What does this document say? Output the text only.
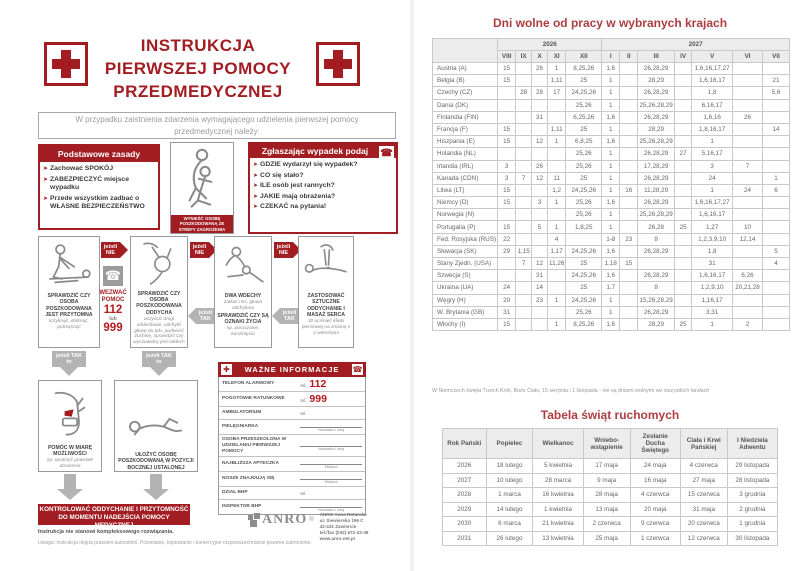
INSTRUKCJA
PIERWSZEJ POMOCY
PRZEDMEDYCZNEJ
W przypadku zaistnienia zdarzenia wymagającego udzielenia pierwszej pomocy przedmedycznej należy:
Podstawowe zasady
➤ Zachować SPOKÓJ
➤ ZABEZPIECZYĆ miejsce wypadku
➤ Przede wszystkim zadbać o WŁASNE BEZPIECZEŃSTWO
WYNIEŚĆ OSOBĘ POSZKODOWANĄ ZE STREFY ZAGROŻENIA
Zgłaszając wypadek podaj ☎
➤ GDZIE wydarzył się wypadek?
➤ CO się stało?
➤ ILE osób jest rannych?
➤ JAKIE mają obrażenia?
➤ CZEKAĆ na pytania!
SPRAWDZIĆ CZY OSOBA POSZKODOWANA JEST PRZYTOMNA
krzyknąć, dotknąć, potrząsnąć
jeżeli NIE
☎
WEZWAĆ POMOC
112
lub
999
SPRAWDZIĆ CZY OSOBA POSZKODOWANA ODDYCHA
oczyścić drogi oddechowe, odchylić głowę do tyłu, podnieść żuchwę, sprawdzić czy wyczuwalny jest oddech
jeżeli NIE
jeżeli TAK
DWA WDECHY
zatkać nos, głowa odchylona
SPRAWDZIĆ CZY SĄ OZNAKI ŻYCIA
np. poruszanie, kaszlnięcia
jeżeli NIE
jeżeli TAK
ZASTOSOWAĆ SZTUCZNE ODDYCHANIE I MASAŻ SERCA
30 uciśnięć klatki piersiowej na zmianę z 2 wdechami
jeżeli TAK to
jeżeli TAK to
POMÓC W MIARĘ MOŻLIWOŚCI
np. opatrzyć powstałe obrażenia
UŁOŻYĆ OSOBĘ POSZKODOWANĄ W POZYCJI BOCZNEJ USTALONEJ
✚	WAŻNE INFORMACJE	☎
TELEFON ALARMOWY	tel. 112
POGOTOWIE RATUNKOWE	tel. 999
AMBULATORIUM	tel.
PIELĘGNIARKA
Nazwisko i imię
OSOBA PRZESZKOLONA W UDZIELANIU PIERWSZEJ POMOCY	Nazwisko i imię
NAJBLIŻSZA APTECZKA
Miejsce
NOSZE ZNAJDUJĄ SIĘ
Miejsce
DZIAŁ BHP	tel.
INSPEKTOR BHP
Nazwisko i imię
KONTROLOWAĆ ODDYCHANIE I PRZYTOMNOŚĆ DO MOMENTU NADEJŚCIA POMOCY MEDYCZNEJ
Instrukcja nie stanowi kompleksowego rozwiązania.
Uwaga! Instrukcja objęta prawami autorskimi. Powielanie, kopiowanie i komercyjne rozpowszechnianie prawnie zabronione.
ANRO ®
ANRO Anna Rotarska
ul. Siewierska 196 C
42-431 Zawiercie
tel./fax (032) 672-42-48
www.anro.net.pl
Dni wolne od pracy w wybranych krajach
	2026					2027						
	VIII	IX	X	XI	XII	I	II	III	IV	V	VI	VII
Austria (A)	15		26	1	8,25,26	1,6		26,28,29		1,6,16,17,27		
Belgia (B)	15			1,11	25	1		28,29		1,6,16,17		21
Czechy (CZ)		28	28	17	24,25,26	1		26,28,29		1,8		5,6
Dania (DK)					25,26	1		25,26,28,29		6,16,17		
Finlandia (FIN)			31		6,25,26	1,6		26,28,29		1,6,16	26	
Francja (F)	15			1,11	25	1		28,29		1,8,16,17		14
Hiszpania (E)	15		12	1	6,8,25	1,6		25,26,28,29		1		
Holandia (NL)					25,26	1		26,28,29	27	5,16,17		
Irlandia (IRL)	3		26		25,26	1		17,28,29		3	7	
Kanada (CDN)	3	7	12	11	25	1		26,28,29		24		1
Litwa (LT)	15			1,2	24,25,26	1	16	11,28,29		1	24	6
Niemcy (D)	15		3	1	25,26	1,6		26,28,29		1,6,16,17,27		
Norwegia (N)					25,26	1		25,26,28,29		1,6,16,17		
Portugalia (P)	15		5	1	1,8,25	1		26,28	25	1,27	10	
Fed. Rosyjska (RUS)	22			4		1-8	23	8		1,2,3,9,10	12,14	
Słowacja (SK)	29	1,15		1,17	24,25,26	1,6		26,28,29		1,8		5
Stany Zjedn. (USA)		7	12	11,26	25	1,18	15			31		4
Szwecja (S)			31		24,25,26	1,6		26,28,29		1,6,16,17	6,26	
Ukraina (UA)	24		14		25	1,7		8		1,2,9,10	20,21,28	
Węgry (H)	20		23	1	24,25,26	1		15,26,28,29		1,16,17		
W. Brytania (GB)	31				25,26	1		26,28,29		3,31		
Włochy (I)	15			1	8,25,26	1,6		28,29	25	1	2	
W Niemczech święta Trzech Króli, Boże Ciało, 15 sierpnia i 1 listopada - nie są dniami wolnymi we wszystkich landach
Tabela świąt ruchomych
Rok Pański	Popielec	Wielkanoc	Wniebo-wstąpienie	Zesłanie Ducha Świętego	Ciała i Krwi Pańskiej	I Niedziela Adwentu
2026	18 lutego	5 kwietnia	17 maja	24 maja	4 czerwca	29 listopada
2027	10 lutego	28 marca	9 maja	16 maja	27 maja	28 listopada
2028	1 marca	16 kwietnia	28 maja	4 czerwca	15 czerwca	3 grudnia
2029	14 lutego	1 kwietnia	13 maja	20 maja	31 maja	2 grudnia
2030	6 marca	21 kwietnia	2 czerwca	9 czerwca	20 czerwca	1 grudnia
2031	26 lutego	13 kwietnia	25 maja	1 czerwca	12 czerwca	30 listopada
